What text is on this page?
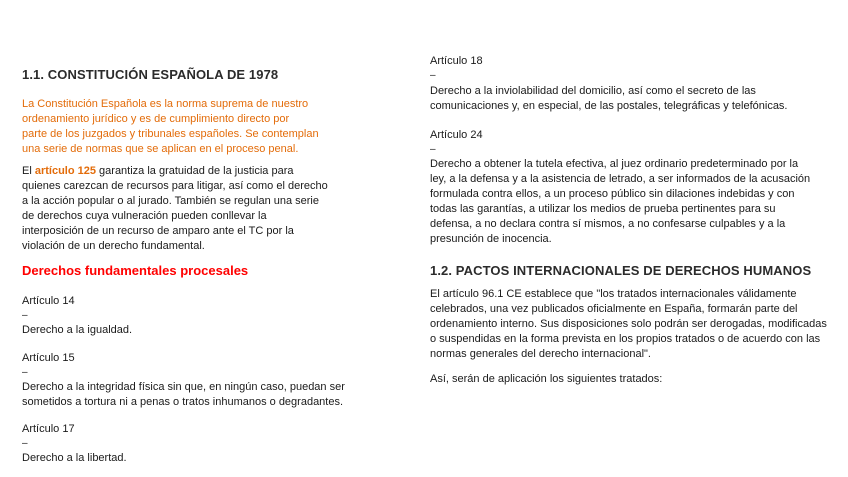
1.1. CONSTITUCIÓN ESPAÑOLA DE 1978
La Constitución Española es la norma suprema de nuestro
ordenamiento jurídico y es de cumplimiento directo por
parte de los juzgados y tribunales españoles. Se contemplan
una serie de normas que se aplican en el proceso penal.
El artículo 125 garantiza la gratuidad de la justicia para
quienes carezcan de recursos para litigar, así como el derecho
a la acción popular o al jurado. También se regulan una serie
de derechos cuya vulneración pueden conllevar la
interposición de un recurso de amparo ante el TC por la
violación de un derecho fundamental.
Derechos fundamentales procesales
Artículo 14
–
Derecho a la igualdad.
Artículo 15
–
Derecho a la integridad física sin que, en ningún caso, puedan ser
sometidos a tortura ni a penas o tratos inhumanos o degradantes.
Artículo 17
–
Derecho a la libertad.
Artículo 18
–
Derecho a la inviolabilidad del domicilio, así como el secreto de las
comunicaciones y, en especial, de las postales, telegráficas y telefónicas.
Artículo 24
–
Derecho a obtener la tutela efectiva, al juez ordinario predeterminado por la
ley, a la defensa y a la asistencia de letrado, a ser informados de la acusación
formulada contra ellos, a un proceso público sin dilaciones indebidas y con
todas las garantías, a utilizar los medios de prueba pertinentes para su
defensa, a no declara contra sí mismos, a no confesarse culpables y a la
presunción de inocencia.
1.2. PACTOS INTERNACIONALES DE DERECHOS HUMANOS
El artículo 96.1 CE establece que "los tratados internacionales válidamente
celebrados, una vez publicados oficialmente en España, formarán parte del
ordenamiento interno. Sus disposiciones solo podrán ser derogadas, modificadas
o suspendidas en la forma prevista en los propios tratados o de acuerdo con las
normas generales del derecho internacional".
Así, serán de aplicación los siguientes tratados:
